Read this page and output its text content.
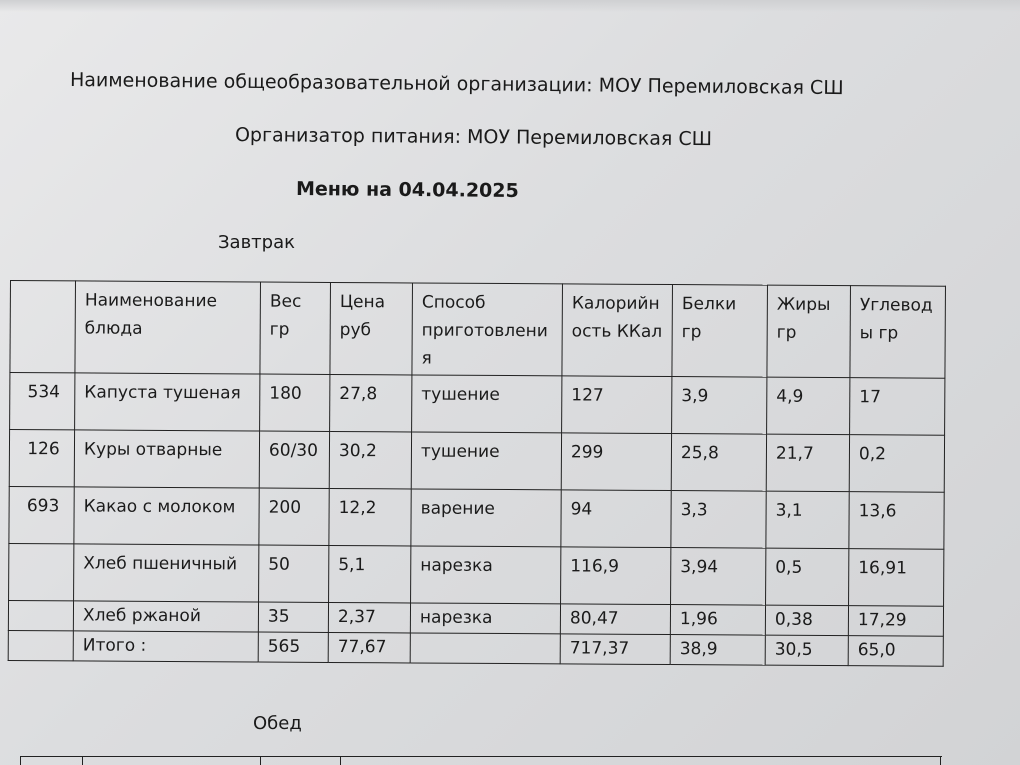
Наименование общеобразовательной организации: МОУ Перемиловская СШ
Организатор питания: МОУ Перемиловская СШ
Меню на 04.04.2025
Завтрак
	Наименование блюда	Вес гр	Цена руб	Способ приготовления	Калорийность ККал	Белки гр	Жиры гр	Углеводы гр
534	Капуста тушеная	180	27,8	тушение	127	3,9	4,9	17
126	Куры отварные	60/30	30,2	тушение	299	25,8	21,7	0,2
693	Какао с молоком	200	12,2	варение	94	3,3	3,1	13,6
	Хлеб пшеничный	50	5,1	нарезка	116,9	3,94	0,5	16,91
	Хлеб ржаной	35	2,37	нарезка	80,47	1,96	0,38	17,29
	Итого :	565	77,67		717,37	38,9	30,5	65,0
Обед
